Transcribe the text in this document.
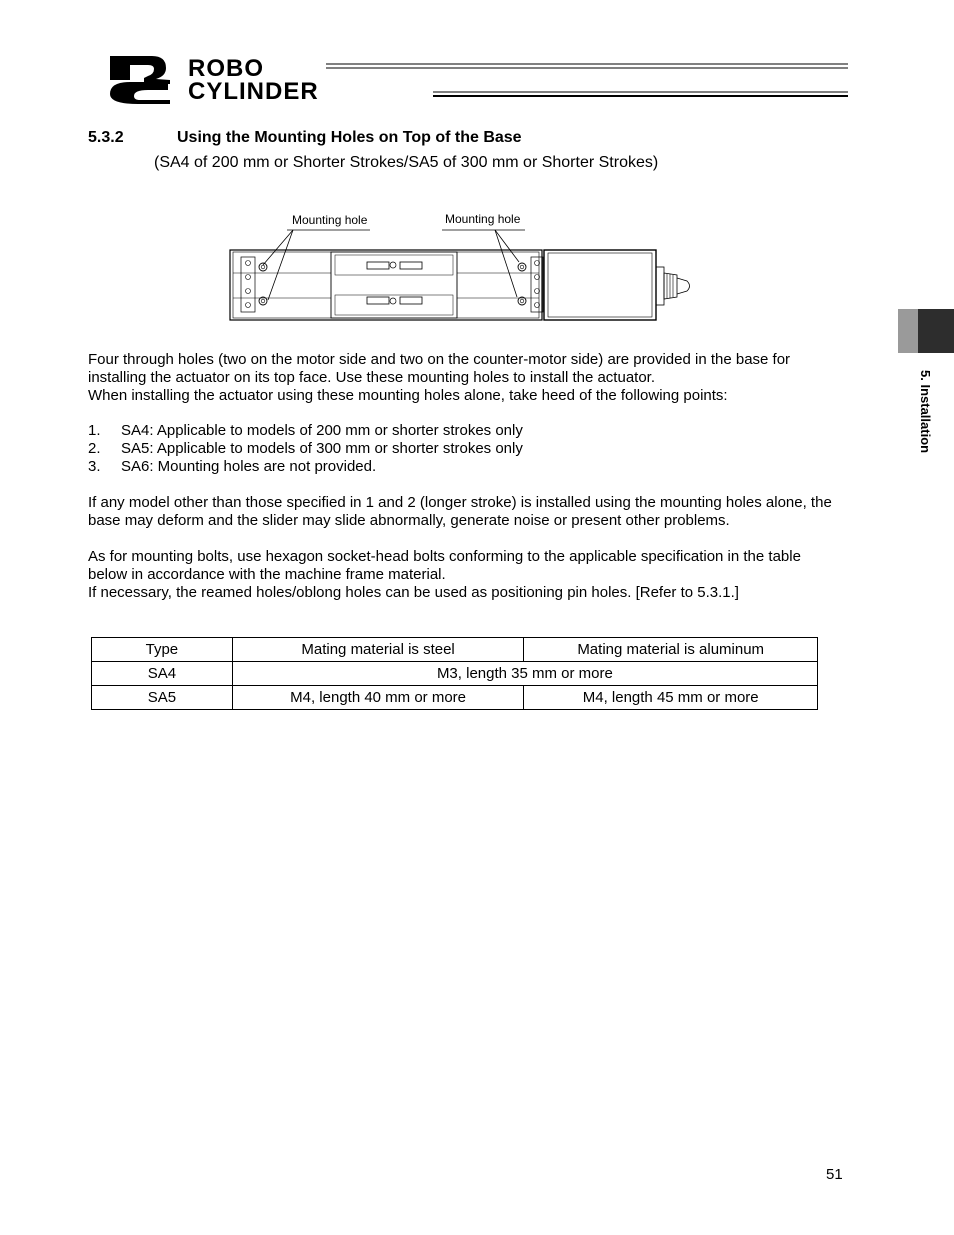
ROBO
CYLINDER
5.3.2	Using the Mounting Holes on Top of the Base
(SA4 of 200 mm or Shorter Strokes/SA5 of 300 mm or Shorter Strokes)
Mounting hole	Mounting hole

Four through holes (two on the motor side and two on the counter-motor side) are provided in the base for

installing the actuator on its top face. Use these mounting holes to install the actuator.

When installing the actuator using these mounting holes alone, take heed of the following points:

1. SA4: Applicable to models of 200 mm or shorter strokes only
2. SA5: Applicable to models of 300 mm or shorter strokes only
3. SA6: Mounting holes are not provided.

If any model other than those specified in 1 and 2 (longer stroke) is installed using the mounting holes alone, the

base may deform and the slider may slide abnormally, generate noise or present other problems.

As for mounting bolts, use hexagon socket-head bolts conforming to the applicable specification in the table

below in accordance with the machine frame material.

If necessary, the reamed holes/oblong holes can be used as positioning pin holes. [Refer to 5.3.1.]

Type	Mating material is steel	Mating material is aluminum
SA4	M3, length 35 mm or more	
SA5	M4, length 40 mm or more	M4, length 45 mm or more
5. Installation
51
